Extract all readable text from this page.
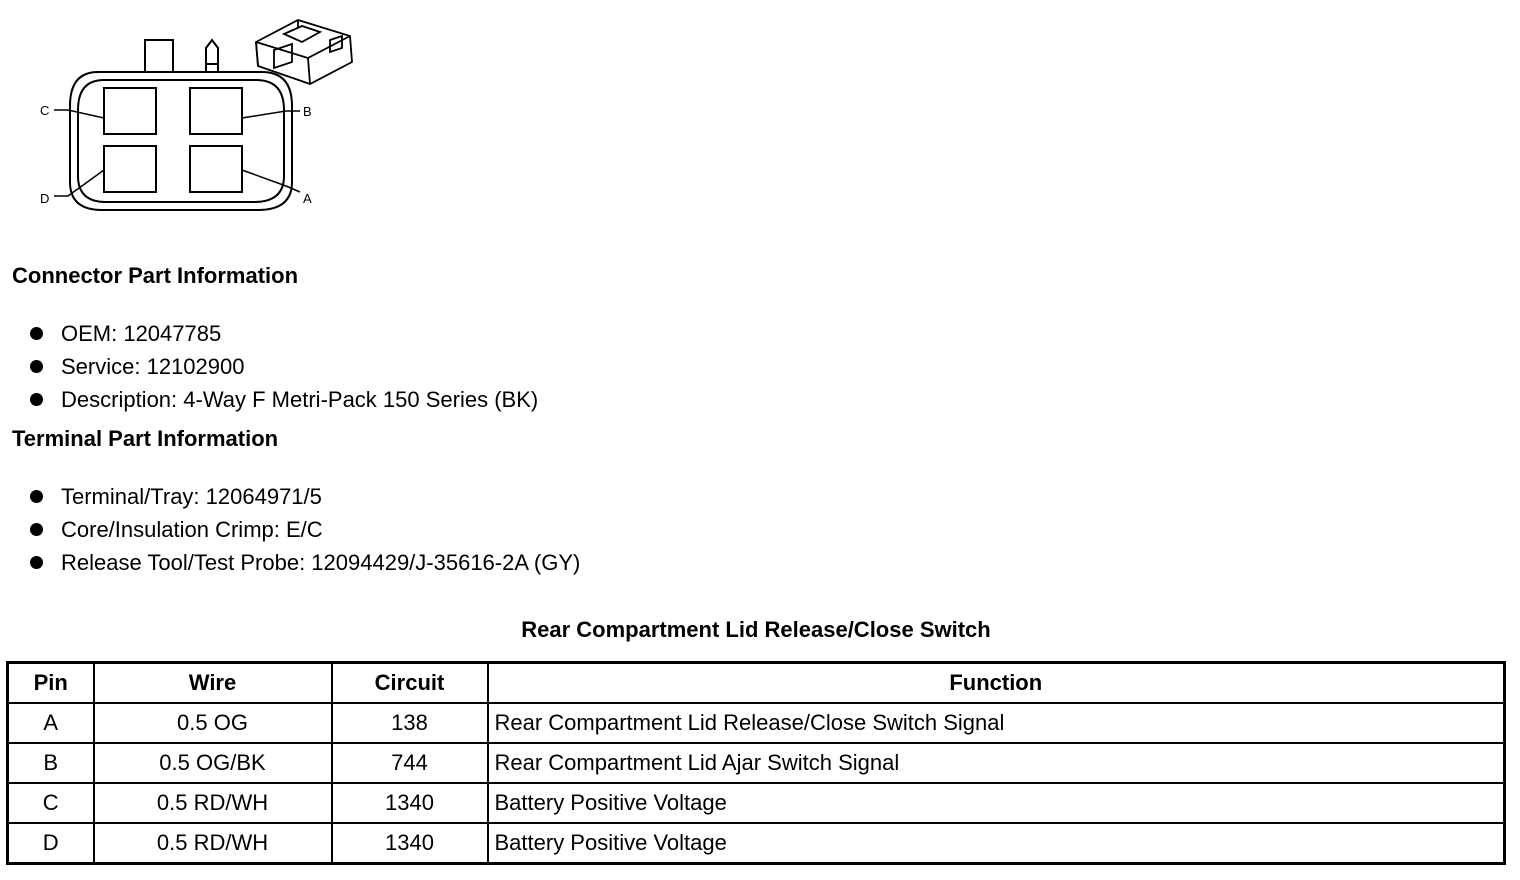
C	B
D	A
Connector Part Information
OEM: 12047785
Service: 12102900
Description: 4-Way F Metri-Pack 150 Series (BK)
Terminal Part Information
Terminal/Tray: 12064971/5
Core/Insulation Crimp: E/C
Release Tool/Test Probe: 12094429/J-35616-2A (GY)
Rear Compartment Lid Release/Close Switch
Pin	Wire	Circuit	Function
A	0.5 OG	138	Rear Compartment Lid Release/Close Switch Signal
B	0.5 OG/BK	744	Rear Compartment Lid Ajar Switch Signal
C	0.5 RD/WH	1340	Battery Positive Voltage
D	0.5 RD/WH	1340	Battery Positive Voltage
